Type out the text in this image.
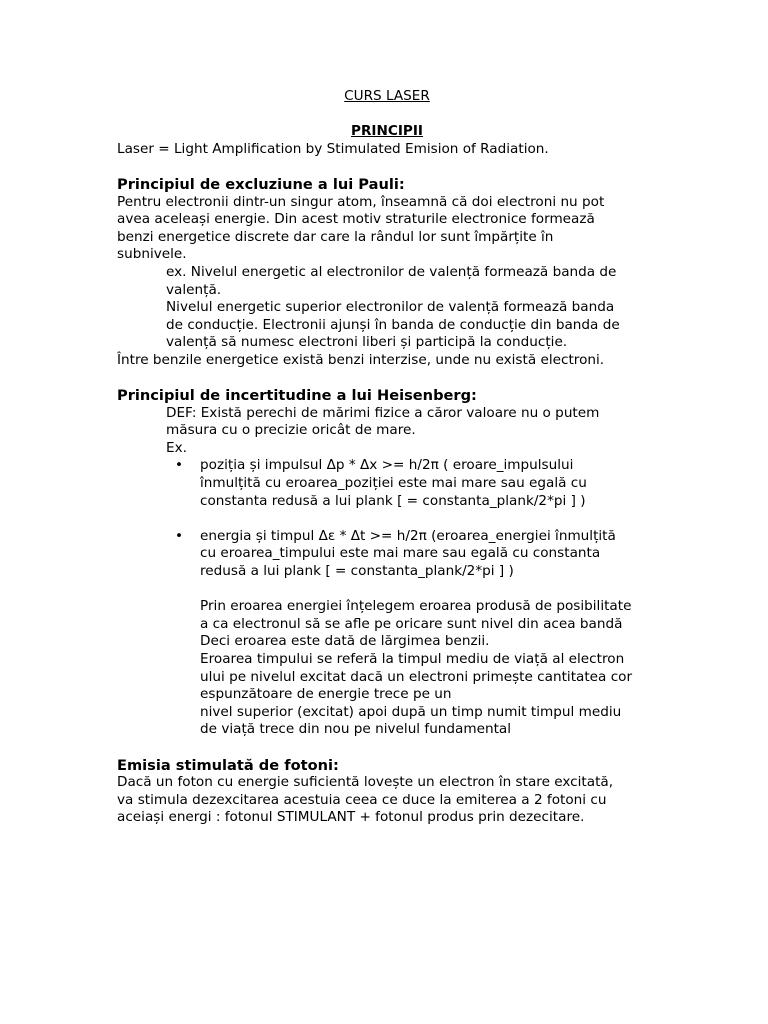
CURS LASER

PRINCIPII

Laser = Light Amplification by Stimulated Emision of Radiation.

Principiul de excluziune a lui Pauli:

Pentru electronii dintr-un singur atom, înseamnă că doi electroni nu pot

avea aceleași energie. Din acest motiv straturile electronice formează

benzi energetice discrete dar care la rândul lor sunt împărțite în

subnivele.

ex. Nivelul energetic al electronilor de valență formează banda de

valență.

Nivelul energetic superior electronilor de valență formează banda

de conducție. Electronii ajunși în banda de conducție din banda de

valență să numesc electroni liberi și participă la conducție.

Între benzile energetice există benzi interzise, unde nu există electroni.

Principiul de incertitudine a lui Heisenberg:

DEF: Există perechi de mărimi fizice a căror valoare nu o putem

măsura cu o precizie oricât de mare.

Ex.

• poziția și impulsul Δp * Δx >= h/2π ( eroare_impulsului

înmulțită cu eroarea_poziției este mai mare sau egală cu

constanta redusă a lui plank [ = constanta_plank/2*pi ] )

• energia și timpul Δε * Δt >= h/2π (eroarea_energiei înmulțită

cu eroarea_timpului este mai mare sau egală cu constanta

redusă a lui plank [ = constanta_plank/2*pi ] )

Prin eroarea energiei înțelegem eroarea produsă de posibilitate

a ca electronul să se afle pe oricare sunt nivel din acea bandă

Deci eroarea este dată de lărgimea benzii.

Eroarea timpului se referă la timpul mediu de viață al electron

ului pe nivelul excitat dacă un electroni primește cantitatea cor

espunzătoare de energie trece pe un

nivel superior (excitat) apoi după un timp numit timpul mediu

de viață trece din nou pe nivelul fundamental

Emisia stimulată de fotoni:

Dacă un foton cu energie suficientă lovește un electron în stare excitată,

va stimula dezexcitarea acestuia ceea ce duce la emiterea a 2 fotoni cu

aceiași energi : fotonul STIMULANT + fotonul produs prin dezecitare.
